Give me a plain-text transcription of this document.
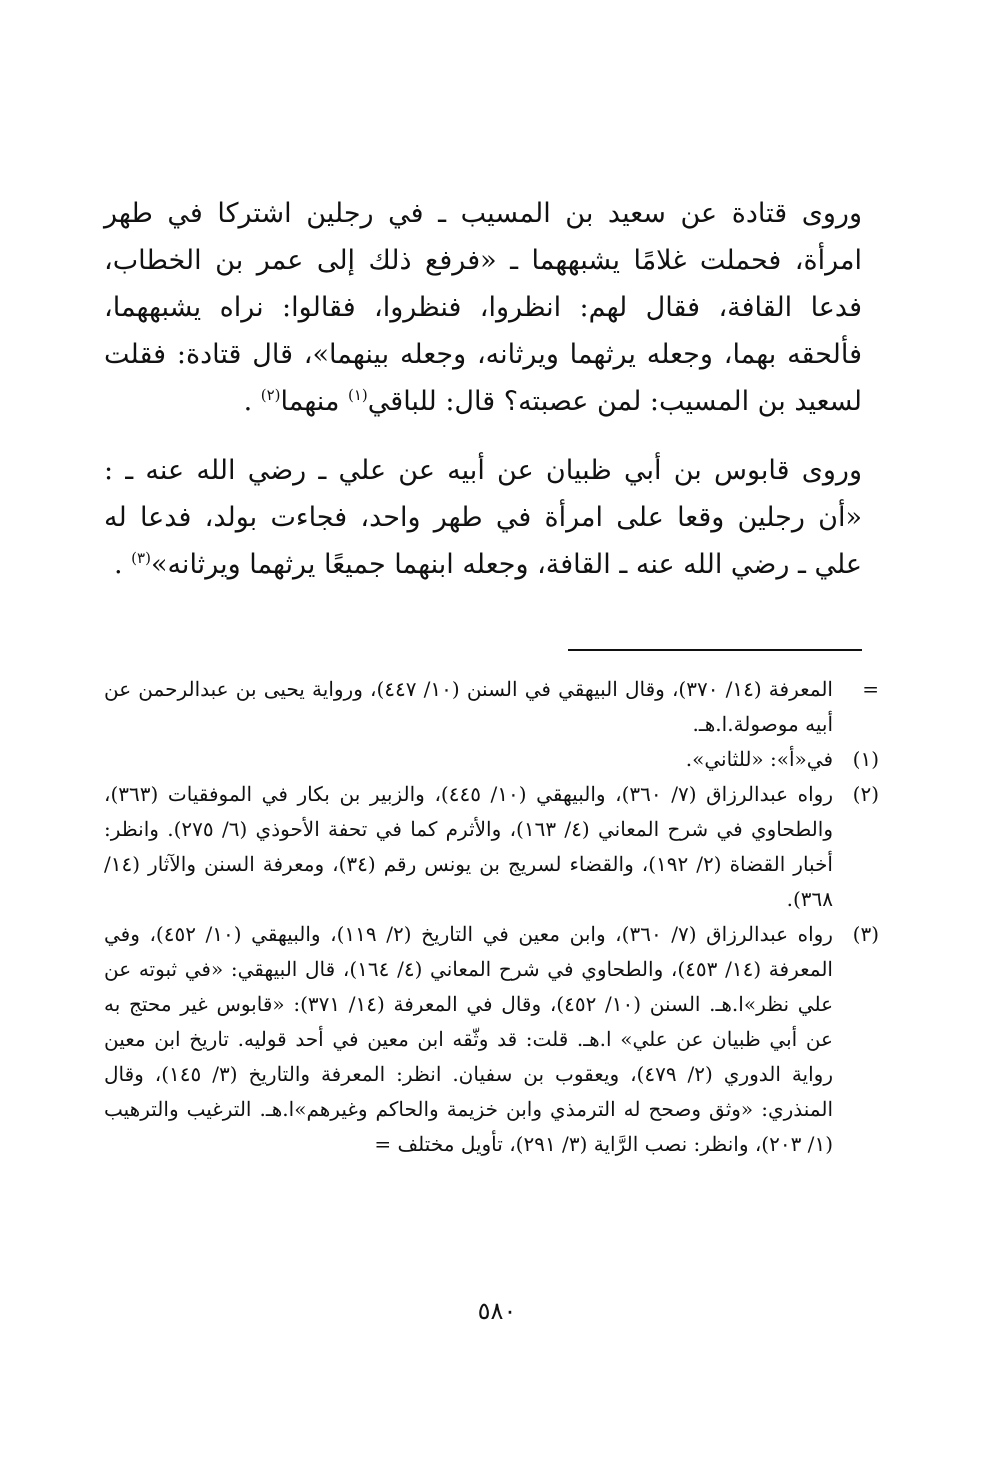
وروى قتادة عن سعيد بن المسيب ـ في رجلين اشتركا في طهر امرأة، فحملت غلامًا يشبههما ـ «فرفع ذلك إلى عمر بن الخطاب، فدعا القافة، فقال لهم: انظروا، فنظروا، فقالوا: نراه يشبههما، فألحقه بهما، وجعله يرثهما ويرثانه، وجعله بينهما»، قال قتادة: فقلت لسعيد بن المسيب: لمن عصبته؟ قال: للباقي$^{(١)}$ منهما$^{(٢)}$ .

وروى قابوس بن أبي ظبيان عن أبيه عن علي ـ رضي الله عنه ـ : «أن رجلين وقعا على امرأة في طهر واحد، فجاءت بولد، فدعا له علي ـ رضي الله عنه ـ القافة، وجعله ابنهما جميعًا يرثهما ويرثانه»$^{(٣)}$ .

=
المعرفة (١٤/ ٣٧٠)، وقال البيهقي في السنن (١٠/ ٤٤٧)، ورواية يحيى بن عبدالرحمن عن أبيه موصولة.ا.هـ.
(١)
في«أ»: «للثاني».
(٢)
رواه عبدالرزاق (٧/ ٣٦٠)، والبيهقي (١٠/ ٤٤٥)، والزبير بن بكار في الموفقيات (٣٦٣)، والطحاوي في شرح المعاني (٤/ ١٦٣)، والأثرم كما في تحفة الأحوذي (٦/ ٢٧٥). وانظر: أخبار القضاة (٢/ ١٩٢)، والقضاء لسريج بن يونس رقم (٣٤)، ومعرفة السنن والآثار (١٤/ ٣٦٨).
(٣)
رواه عبدالرزاق (٧/ ٣٦٠)، وابن معين في التاريخ (٢/ ١١٩)، والبيهقي (١٠/ ٤٥٢)، وفي المعرفة (١٤/ ٤٥٣)، والطحاوي في شرح المعاني (٤/ ١٦٤)، قال البيهقي: «في ثبوته عن علي نظر»ا.هـ. السنن (١٠/ ٤٥٢)، وقال في المعرفة (١٤/ ٣٧١): «قابوس غير محتج به عن أبي ظبيان عن علي» ا.هـ. قلت: قد وثّقه ابن معين في أحد قوليه. تاريخ ابن معين رواية الدوري (٢/ ٤٧٩)، ويعقوب بن سفيان. انظر: المعرفة والتاريخ (٣/ ١٤٥)، وقال المنذري: «وثق وصحح له الترمذي وابن خزيمة والحاكم وغيرهم»ا.هـ. الترغيب والترهيب (١/ ٢٠٣)، وانظر: نصب الرَّاية (٣/ ٢٩١)، تأويل مختلف =
٥٨٠
